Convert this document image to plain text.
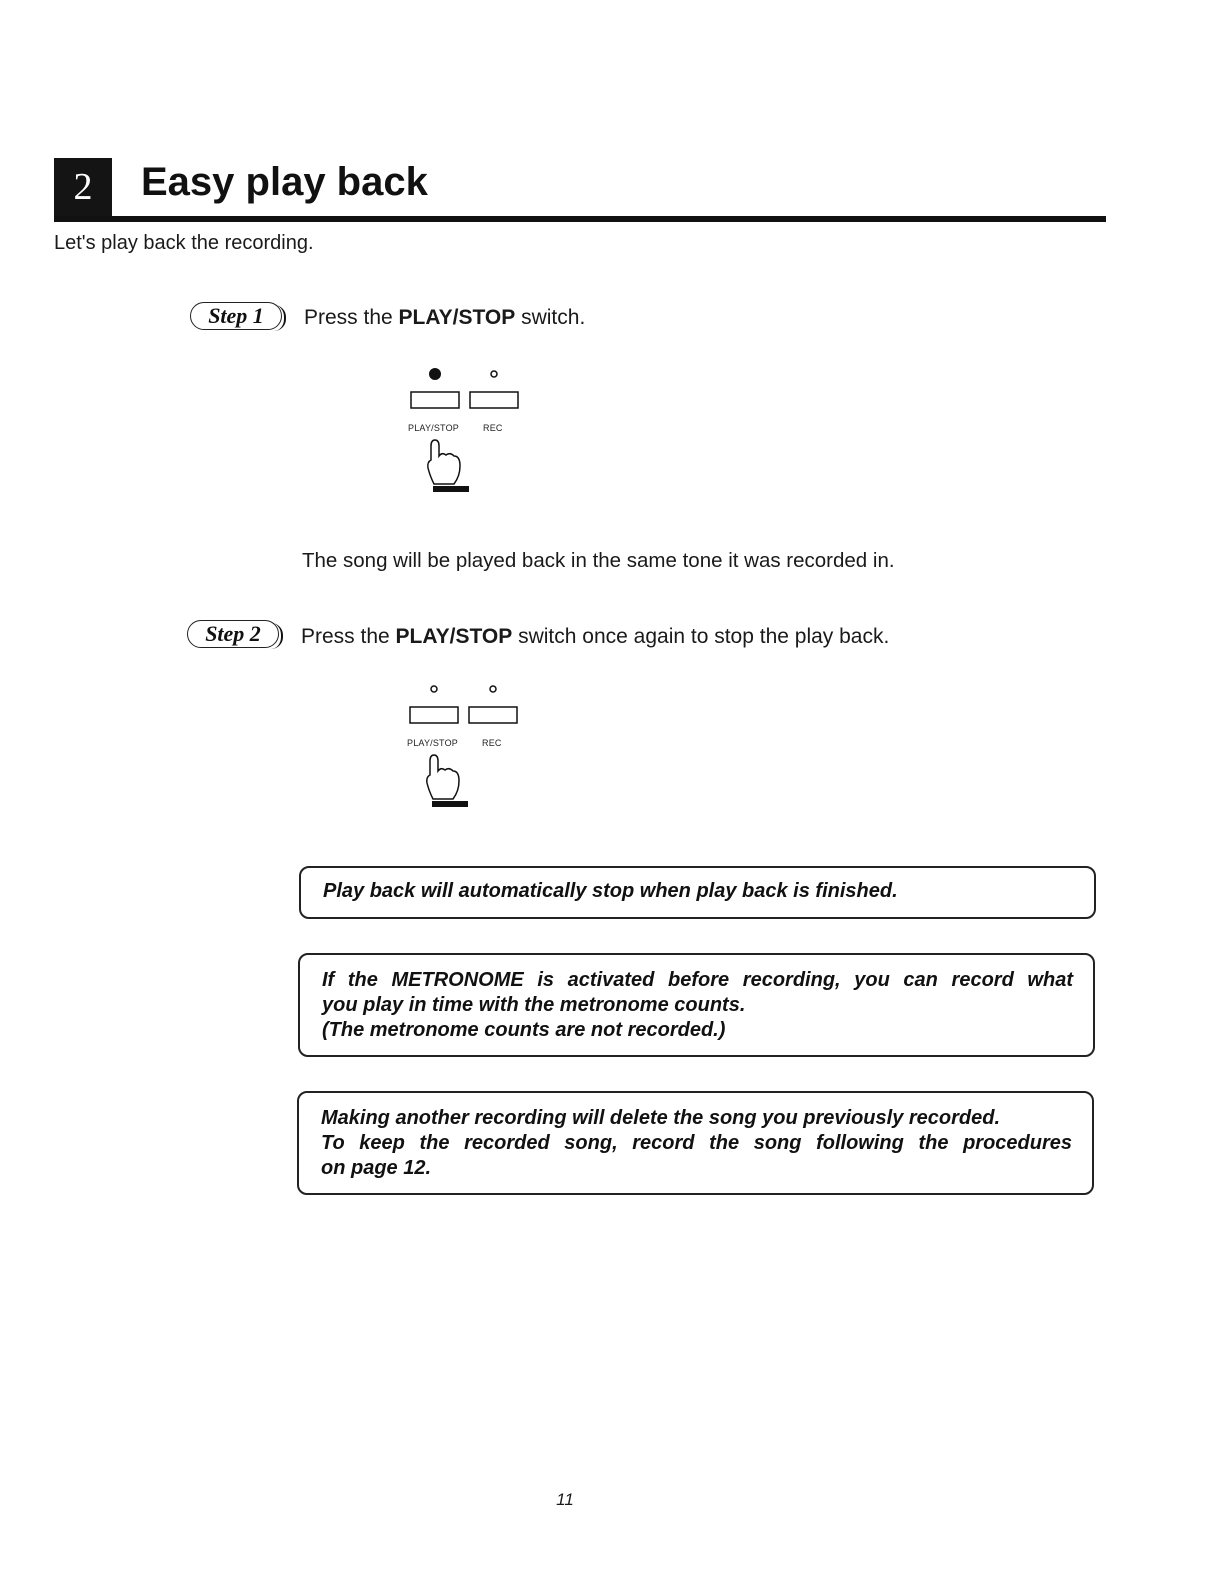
2 Easy play back
Let's play back the recording.
Step 1 Press the PLAY/STOP switch.
PLAY/STOP	REC
The song will be played back in the same tone it was recorded in.
Step 2 Press the PLAY/STOP switch once again to stop the play back.
PLAY/STOP	REC
Play back will automatically stop when play back is finished.
If the METRONOME is activated before recording, you can record what
you play in time with the metronome counts.
(The metronome counts are not recorded.)
Making another recording will delete the song you previously recorded.
To keep the recorded song, record the song following the procedures
on page 12.
11
